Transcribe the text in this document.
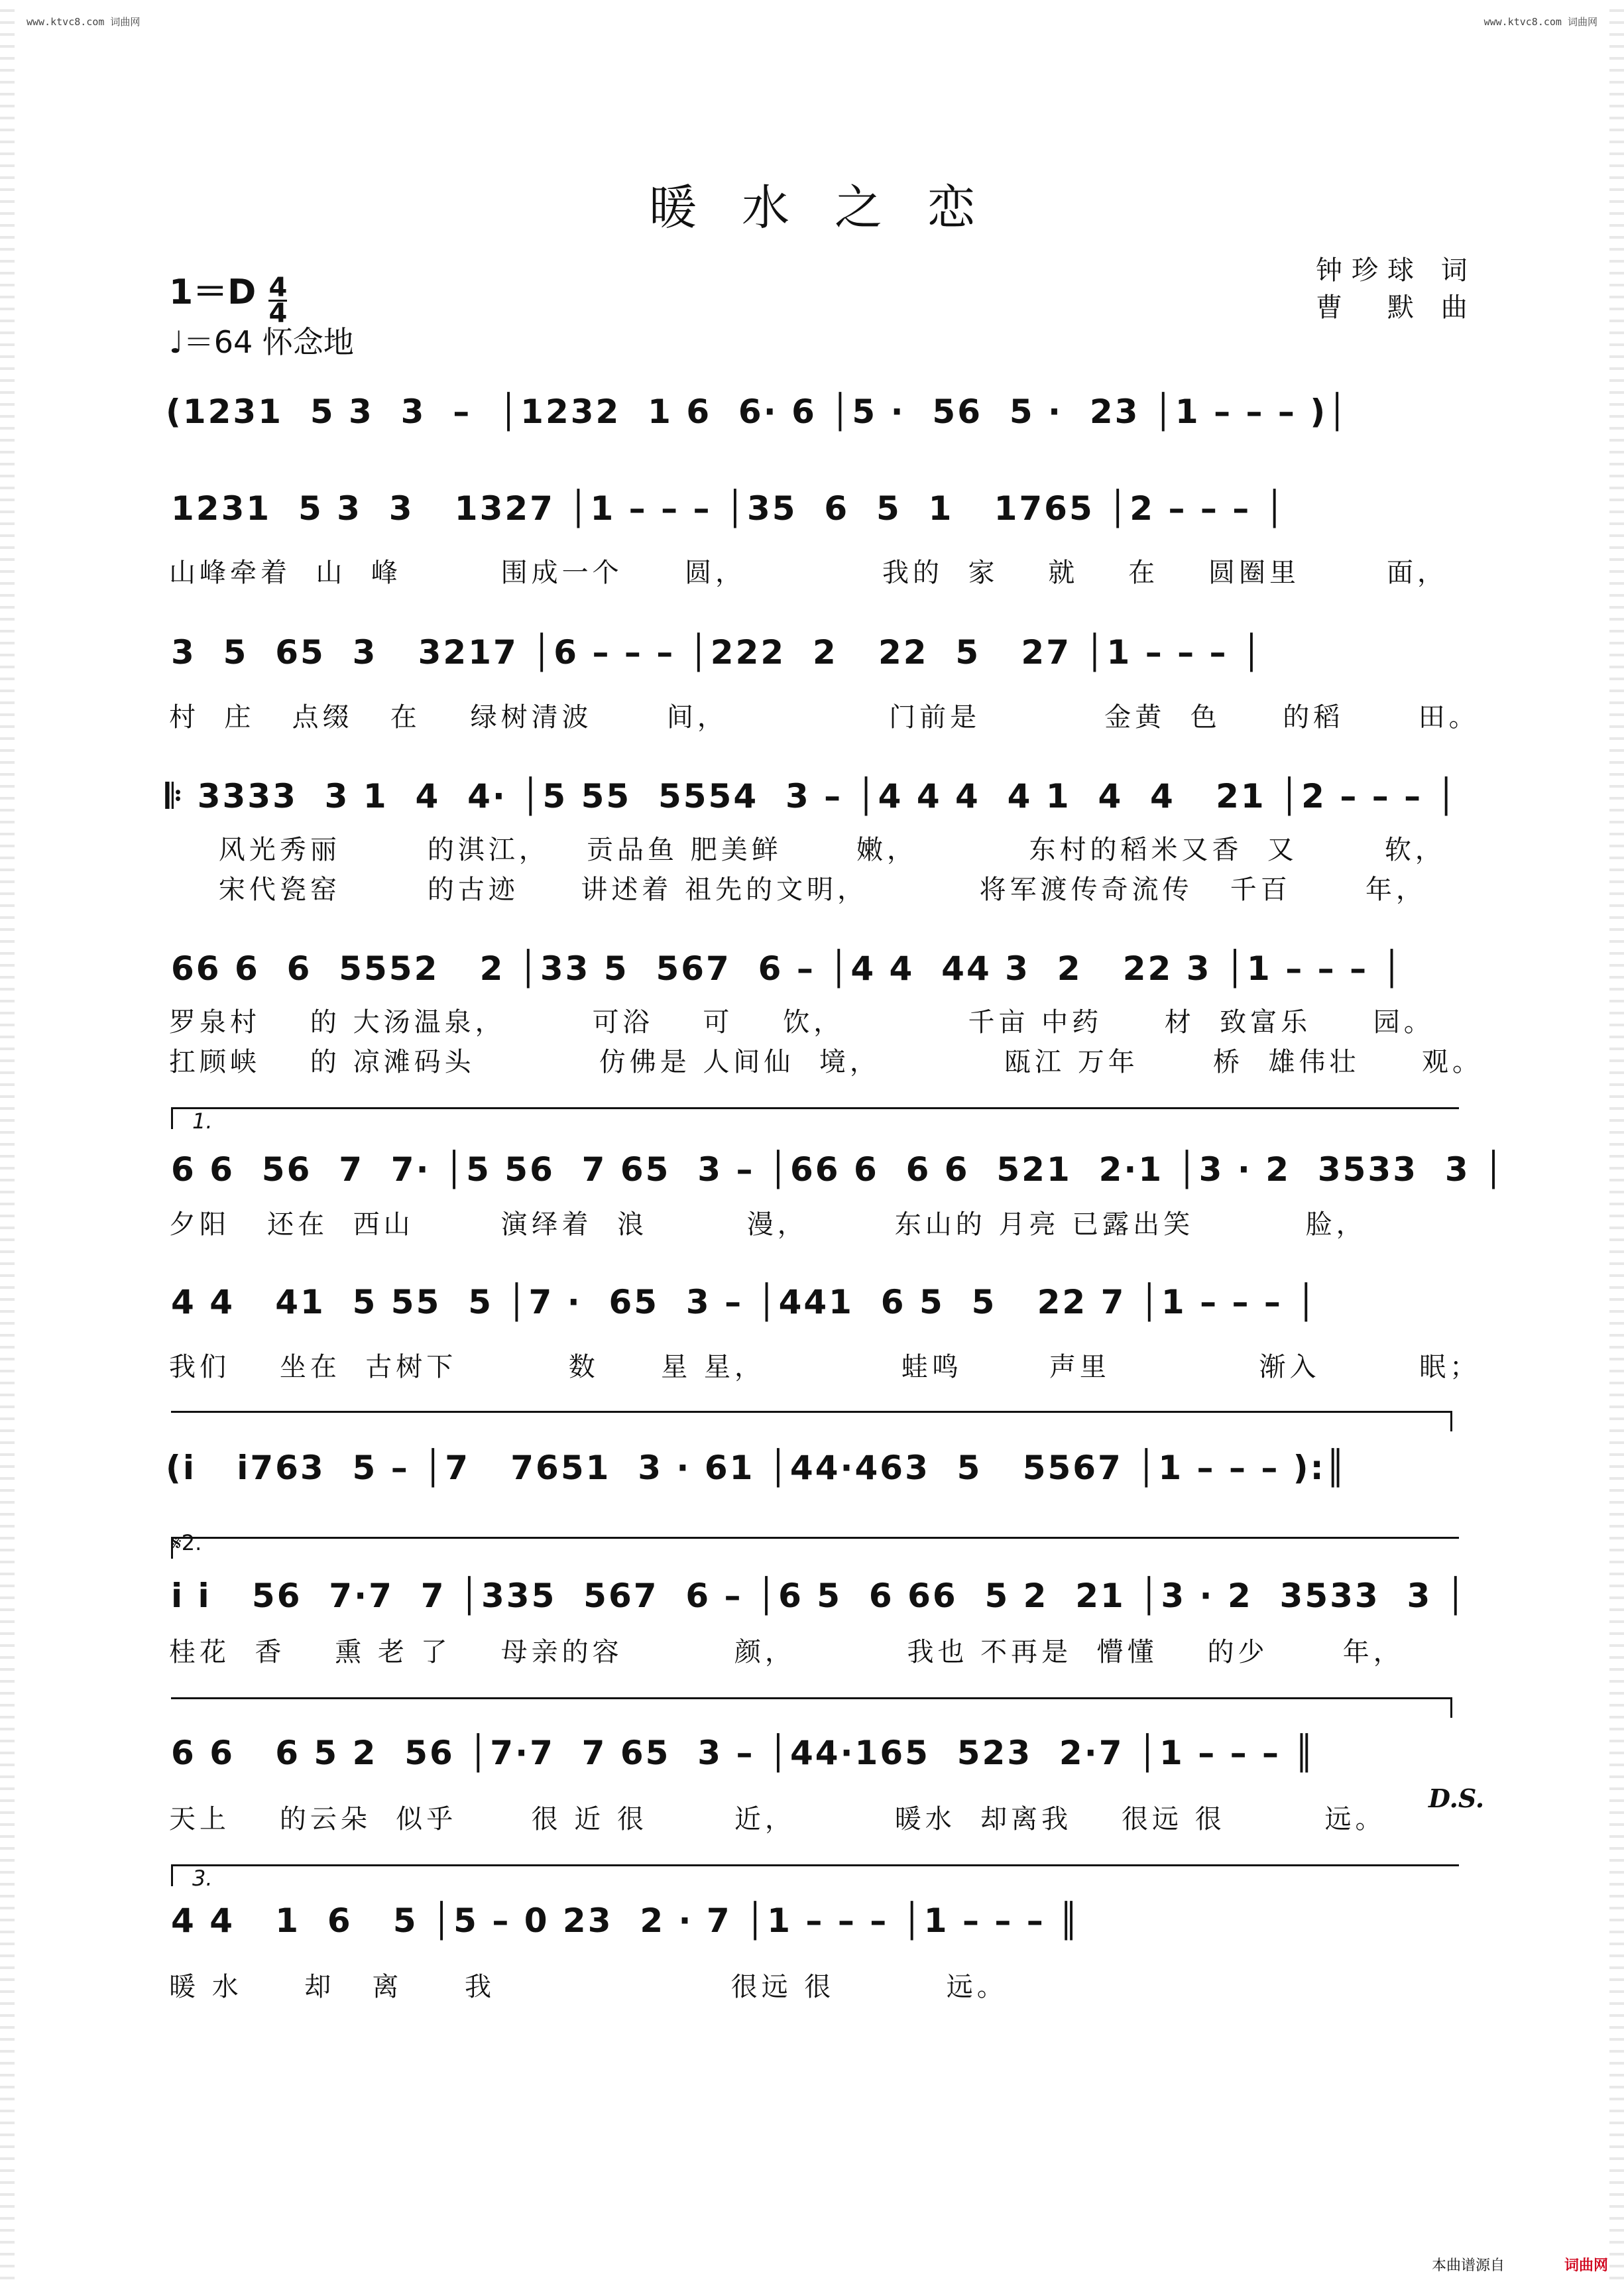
www.ktvc8.com 词曲网	www.ktvc8.com 词曲网
暖水之恋
钟珍球 词
曹　默 曲
$1=D \frac{4}{4}$
♩＝64 怀念地
(1231  5 3  3  –  │1232  1 6  6· 6 │5 ·  56  5 ·  23 │1 – – – )│
1231  5 3  3   1327 │1 – – – │35  6  5  1   1765 │2 – – – │
山峰牵着  山  峰        围成一个     圆，           我的  家    就    在    圆圈里       面，
3  5  65  3   3217 │6 – – – │222  2   22  5   27 │1 – – – │
村  庄   点缀   在    绿树清波      间，             门前是          金黄  色     的稻      田。
𝄆 3333  3 1  4  4· │5 55  5554  3 – │4 4 4  4 1  4  4   21 │2 – – – │
风光秀丽       的淇江，   贡品鱼 肥美鲜      嫩，         东村的稻米又香  又       软，
宋代瓷窑       的古迹     讲述着 祖先的文明，         将军渡传奇流传   千百      年，
66 6  6  5552   2 │33 5  567  6 – │4 4  44 3  2   22 3 │1 – – – │
罗泉村    的 大汤温泉，       可浴    可    饮，          千亩 中药     材  致富乐     园。
扛顾峡    的 凉滩码头          仿佛是 人间仙  境，          瓯江 万年      桥  雄伟壮     观。
1.
6 6  56  7  7· │5 56  7 65  3 – │66 6  6 6  521  2·1 │3 · 2  3533  3 │
夕阳   还在  西山       演绎着  浪        漫，       东山的 月亮 已露出笑         脸，
4 4   41  5 55  5 │7 ·  65  3 – │441  6 5  5   22 7 │1 – – – │
我们    坐在  古树下         数     星 星，           蛙鸣       声里            渐入        眠；
(i   i763  5 – │7   7651  3 · 61 │44·463  5   5567 │1 – – – ):║
𝄋2.
i i   56  7·7  7 │335  567  6 – │6 5  6 66  5 2  21 │3 · 2  3533  3 │
桂花  香    熏 老 了    母亲的容         颜，         我也 不再是  懵懂    的少      年，
6 6   6 5 2  56 │7·7  7 65  3 – │44·165  523  2·7 │1 – – – ║
天上    的云朵  似乎      很 近 很       近，        暖水  却离我    很远 很        远。
D.S.
3.
4 4   1  6   5 │5 – 0 23  2 · 7 │1 – – – │1 – – – ║
暖 水     却   离     我                   很远 很         远。
本曲谱源自	词曲网
